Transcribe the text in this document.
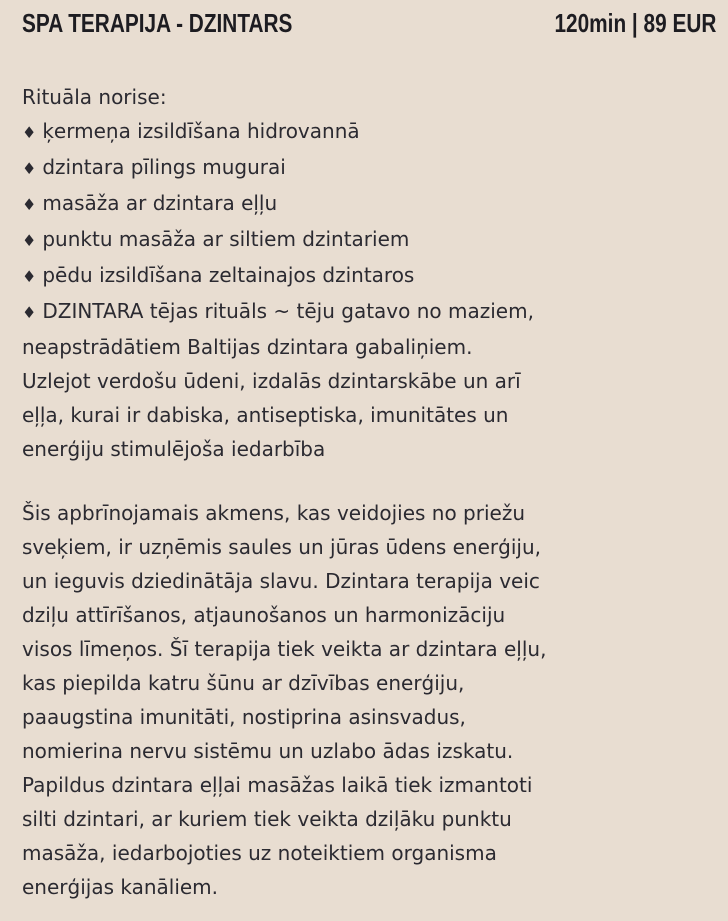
SPA TERAPIJA - DZINTARS	120min | 89 EUR
Rituāla norise:
♦ ķermeņa izsildīšana hidrovannā
♦ dzintara pīlings mugurai
♦ masāža ar dzintara eļļu
♦ punktu masāža ar siltiem dzintariem
♦ pēdu izsildīšana zeltainajos dzintaros
♦ DZINTARA tējas rituāls ~ tēju gatavo no maziem,
neapstrādātiem Baltijas dzintara gabaliņiem.
Uzlejot verdošu ūdeni, izdalās dzintarskābe un arī
eļļa, kurai ir dabiska, antiseptiska, imunitātes un
enerģiju stimulējoša iedarbība
Šis apbrīnojamais akmens, kas veidojies no priežu
sveķiem, ir uzņēmis saules un jūras ūdens enerģiju,
un ieguvis dziedinātāja slavu. Dzintara terapija veic
dziļu attīrīšanos, atjaunošanos un harmonizāciju
visos līmeņos. Šī terapija tiek veikta ar dzintara eļļu,
kas piepilda katru šūnu ar dzīvības enerģiju,
paaugstina imunitāti, nostiprina asinsvadus,
nomierina nervu sistēmu un uzlabo ādas izskatu.
Papildus dzintara eļļai masāžas laikā tiek izmantoti
silti dzintari, ar kuriem tiek veikta dziļāku punktu
masāža, iedarbojoties uz noteiktiem organisma
enerģijas kanāliem.
